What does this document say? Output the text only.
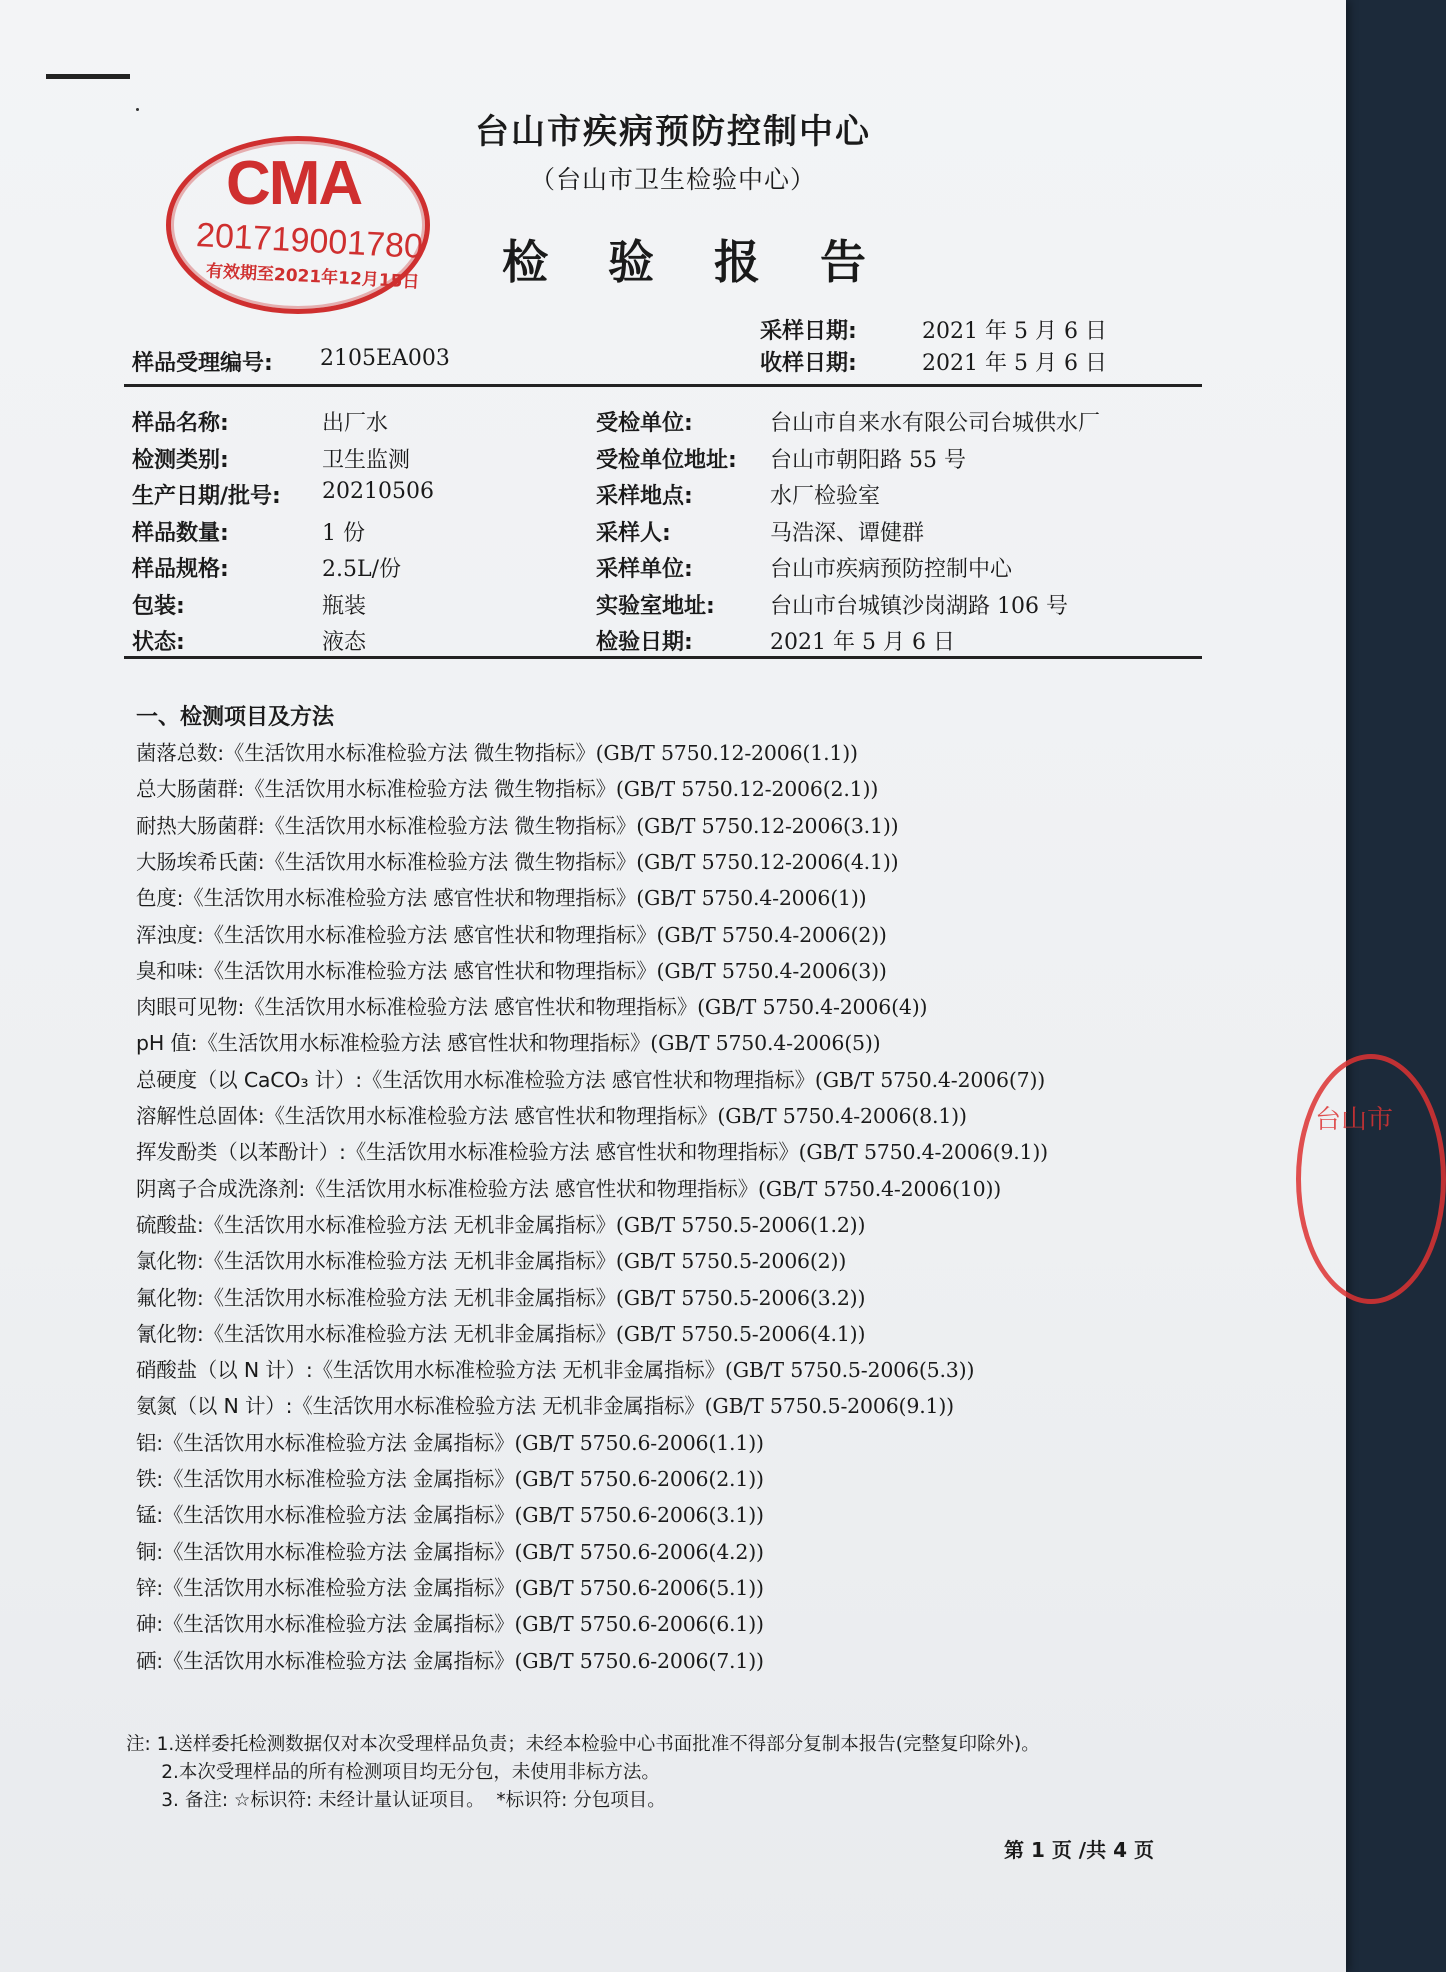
CMA
201719001780
有效期至2021年12月15日
台山市
台山市疾病预防控制中心
（台山市卫生检验中心）
检 验 报 告
采样日期:	2021 年 5 月 6 日
样品受理编号: 2105EA003	收样日期:	2021 年 5 月 6 日
样品名称:	出厂水	受检单位:	台山市自来水有限公司台城供水厂
检测类别:	卫生监测	受检单位地址: 台山市朝阳路 55 号
生产日期/批号: 20210506	采样地点:	水厂检验室
样品数量:	1 份	采样人:	马浩深、谭健群
样品规格:	2.5L/份	采样单位:	台山市疾病预防控制中心
包装:	瓶装	实验室地址:	台山市台城镇沙岗湖路 106 号
状态:	液态	检验日期:	2021 年 5 月 6 日
一、检测项目及方法
菌落总数:《生活饮用水标准检验方法 微生物指标》(GB/T 5750.12-2006(1.1))
总大肠菌群:《生活饮用水标准检验方法 微生物指标》(GB/T 5750.12-2006(2.1))
耐热大肠菌群:《生活饮用水标准检验方法 微生物指标》(GB/T 5750.12-2006(3.1))
大肠埃希氏菌:《生活饮用水标准检验方法 微生物指标》(GB/T 5750.12-2006(4.1))
色度:《生活饮用水标准检验方法 感官性状和物理指标》(GB/T 5750.4-2006(1))
浑浊度:《生活饮用水标准检验方法 感官性状和物理指标》(GB/T 5750.4-2006(2))
臭和味:《生活饮用水标准检验方法 感官性状和物理指标》(GB/T 5750.4-2006(3))
肉眼可见物:《生活饮用水标准检验方法 感官性状和物理指标》(GB/T 5750.4-2006(4))
pH 值:《生活饮用水标准检验方法 感官性状和物理指标》(GB/T 5750.4-2006(5))
总硬度（以 CaCO₃ 计）:《生活饮用水标准检验方法 感官性状和物理指标》(GB/T 5750.4-2006(7))
溶解性总固体:《生活饮用水标准检验方法 感官性状和物理指标》(GB/T 5750.4-2006(8.1))
挥发酚类（以苯酚计）:《生活饮用水标准检验方法 感官性状和物理指标》(GB/T 5750.4-2006(9.1))
阴离子合成洗涤剂:《生活饮用水标准检验方法 感官性状和物理指标》(GB/T 5750.4-2006(10))
硫酸盐:《生活饮用水标准检验方法 无机非金属指标》(GB/T 5750.5-2006(1.2))
氯化物:《生活饮用水标准检验方法 无机非金属指标》(GB/T 5750.5-2006(2))
氟化物:《生活饮用水标准检验方法 无机非金属指标》(GB/T 5750.5-2006(3.2))
氰化物:《生活饮用水标准检验方法 无机非金属指标》(GB/T 5750.5-2006(4.1))
硝酸盐（以 N 计）:《生活饮用水标准检验方法 无机非金属指标》(GB/T 5750.5-2006(5.3))
氨氮（以 N 计）:《生活饮用水标准检验方法 无机非金属指标》(GB/T 5750.5-2006(9.1))
铝:《生活饮用水标准检验方法 金属指标》(GB/T 5750.6-2006(1.1))
铁:《生活饮用水标准检验方法 金属指标》(GB/T 5750.6-2006(2.1))
锰:《生活饮用水标准检验方法 金属指标》(GB/T 5750.6-2006(3.1))
铜:《生活饮用水标准检验方法 金属指标》(GB/T 5750.6-2006(4.2))
锌:《生活饮用水标准检验方法 金属指标》(GB/T 5750.6-2006(5.1))
砷:《生活饮用水标准检验方法 金属指标》(GB/T 5750.6-2006(6.1))
硒:《生活饮用水标准检验方法 金属指标》(GB/T 5750.6-2006(7.1))
注: 1.送样委托检测数据仅对本次受理样品负责；未经本检验中心书面批准不得部分复制本报告(完整复印除外)。
2.本次受理样品的所有检测项目均无分包，未使用非标方法。
3. 备注: ☆标识符: 未经计量认证项目。  *标识符: 分包项目。
第 1 页 /共 4 页
